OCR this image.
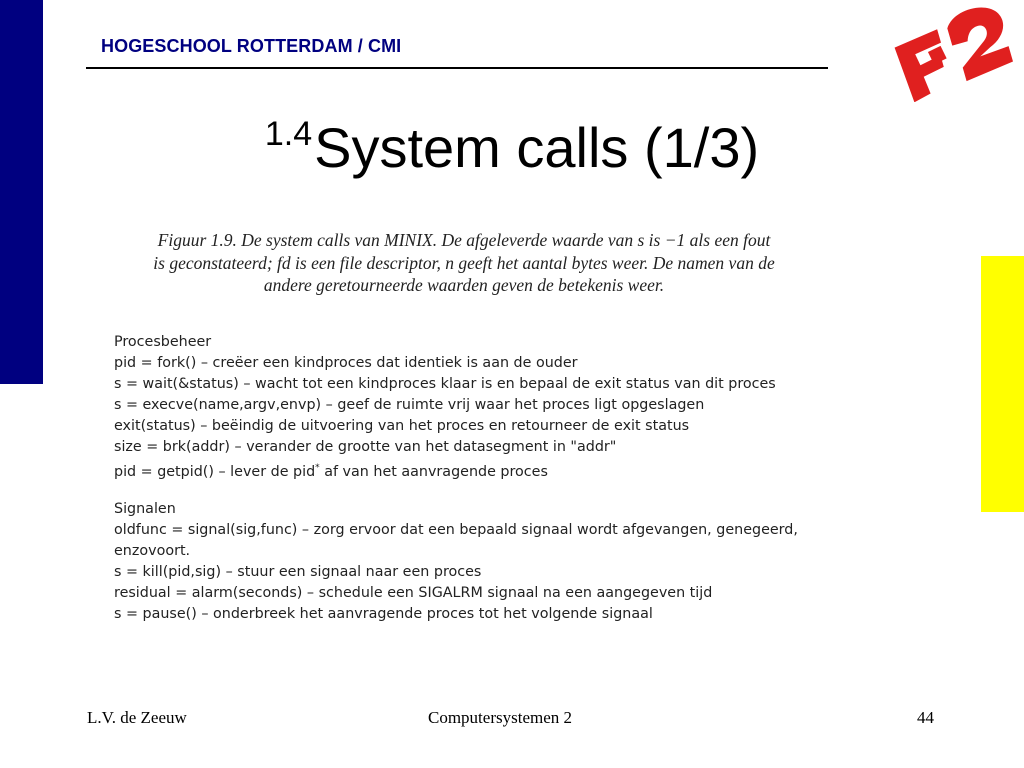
HOGESCHOOL ROTTERDAM / CMI
$^{1.4}$System calls (1/3)
Figuur 1.9. De system calls van MINIX. De afgeleverde waarde van s is −1 als een fout
is geconstateerd; fd is een file descriptor, n geeft het aantal bytes weer. De namen van de
andere geretourneerde waarden geven de betekenis weer.
Procesbeheer
pid = fork() – creëer een kindproces dat identiek is aan de ouder
s = wait(&status) – wacht tot een kindproces klaar is en bepaal de exit status van dit proces
s = execve(name,argv,envp) – geef de ruimte vrij waar het proces ligt opgeslagen
exit(status) – beëindig de uitvoering van het proces en retourneer de exit status
size = brk(addr) – verander de grootte van het datasegment in "addr"
pid = getpid() – lever de pid* af van het aanvragende proces
Signalen
oldfunc = signal(sig,func) – zorg ervoor dat een bepaald signaal wordt afgevangen, genegeerd,
enzovoort.
s = kill(pid,sig) – stuur een signaal naar een proces
residual = alarm(seconds) – schedule een SIGALRM signaal na een aangegeven tijd
s = pause() – onderbreek het aanvragende proces tot het volgende signaal
L.V. de Zeeuw	Computersystemen 2	44
